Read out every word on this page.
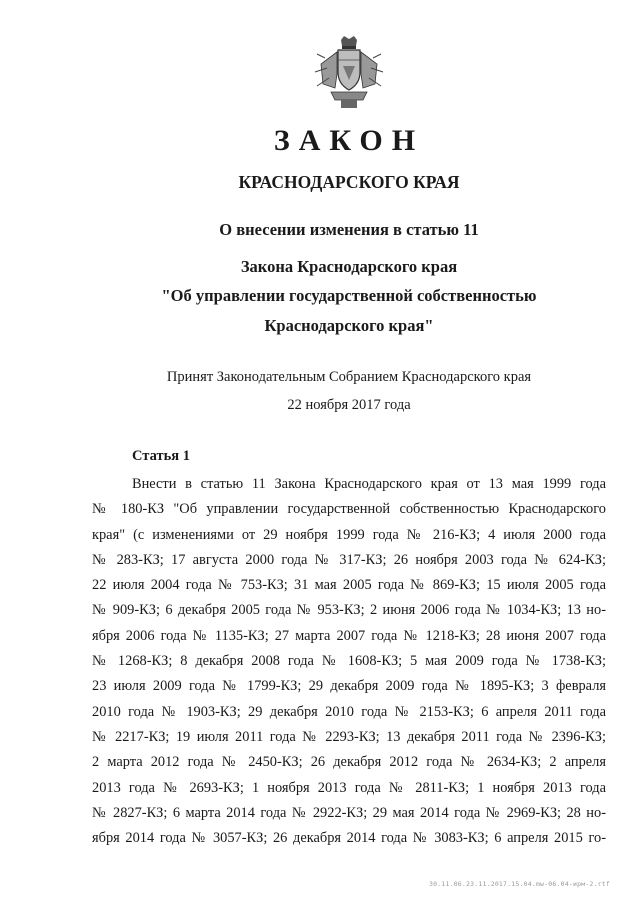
ЗАКОН
КРАСНОДАРСКОГО КРАЯ
О внесении изменения в статью 11
Закона Краснодарского края
"Об управлении государственной собственностью
Краснодарского края"
Принят Законодательным Собранием Краснодарского края
22 ноября 2017 года
Статья 1
Внести в статью 11 Закона Краснодарского края от 13 мая 1999 года
№ 180-КЗ "Об управлении государственной собственностью Краснодарского
края" (с изменениями от 29 ноября 1999 года № 216-КЗ; 4 июля 2000 года
№ 283-КЗ; 17 августа 2000 года № 317-КЗ; 26 ноября 2003 года № 624-КЗ;
22 июля 2004 года № 753-КЗ; 31 мая 2005 года № 869-КЗ; 15 июля 2005 года
№ 909-КЗ; 6 декабря 2005 года № 953-КЗ; 2 июня 2006 года № 1034-КЗ; 13 но-
ября 2006 года № 1135-КЗ; 27 марта 2007 года № 1218-КЗ; 28 июня 2007 года
№ 1268-КЗ; 8 декабря 2008 года № 1608-КЗ; 5 мая 2009 года № 1738-КЗ;
23 июля 2009 года № 1799-КЗ; 29 декабря 2009 года № 1895-КЗ; 3 февраля
2010 года № 1903-КЗ; 29 декабря 2010 года № 2153-КЗ; 6 апреля 2011 года
№ 2217-КЗ; 19 июля 2011 года № 2293-КЗ; 13 декабря 2011 года № 2396-КЗ;
2 марта 2012 года № 2450-КЗ; 26 декабря 2012 года № 2634-КЗ; 2 апреля
2013 года № 2693-КЗ; 1 ноября 2013 года № 2811-КЗ; 1 ноября 2013 года
№ 2827-КЗ; 6 марта 2014 года № 2922-КЗ; 29 мая 2014 года № 2969-КЗ; 28 но-
ября 2014 года № 3057-КЗ; 26 декабря 2014 года № 3083-КЗ; 6 апреля 2015 го-
30.11.06.23.11.2017.15.04.mw-06.04-ирм-2.rtf
